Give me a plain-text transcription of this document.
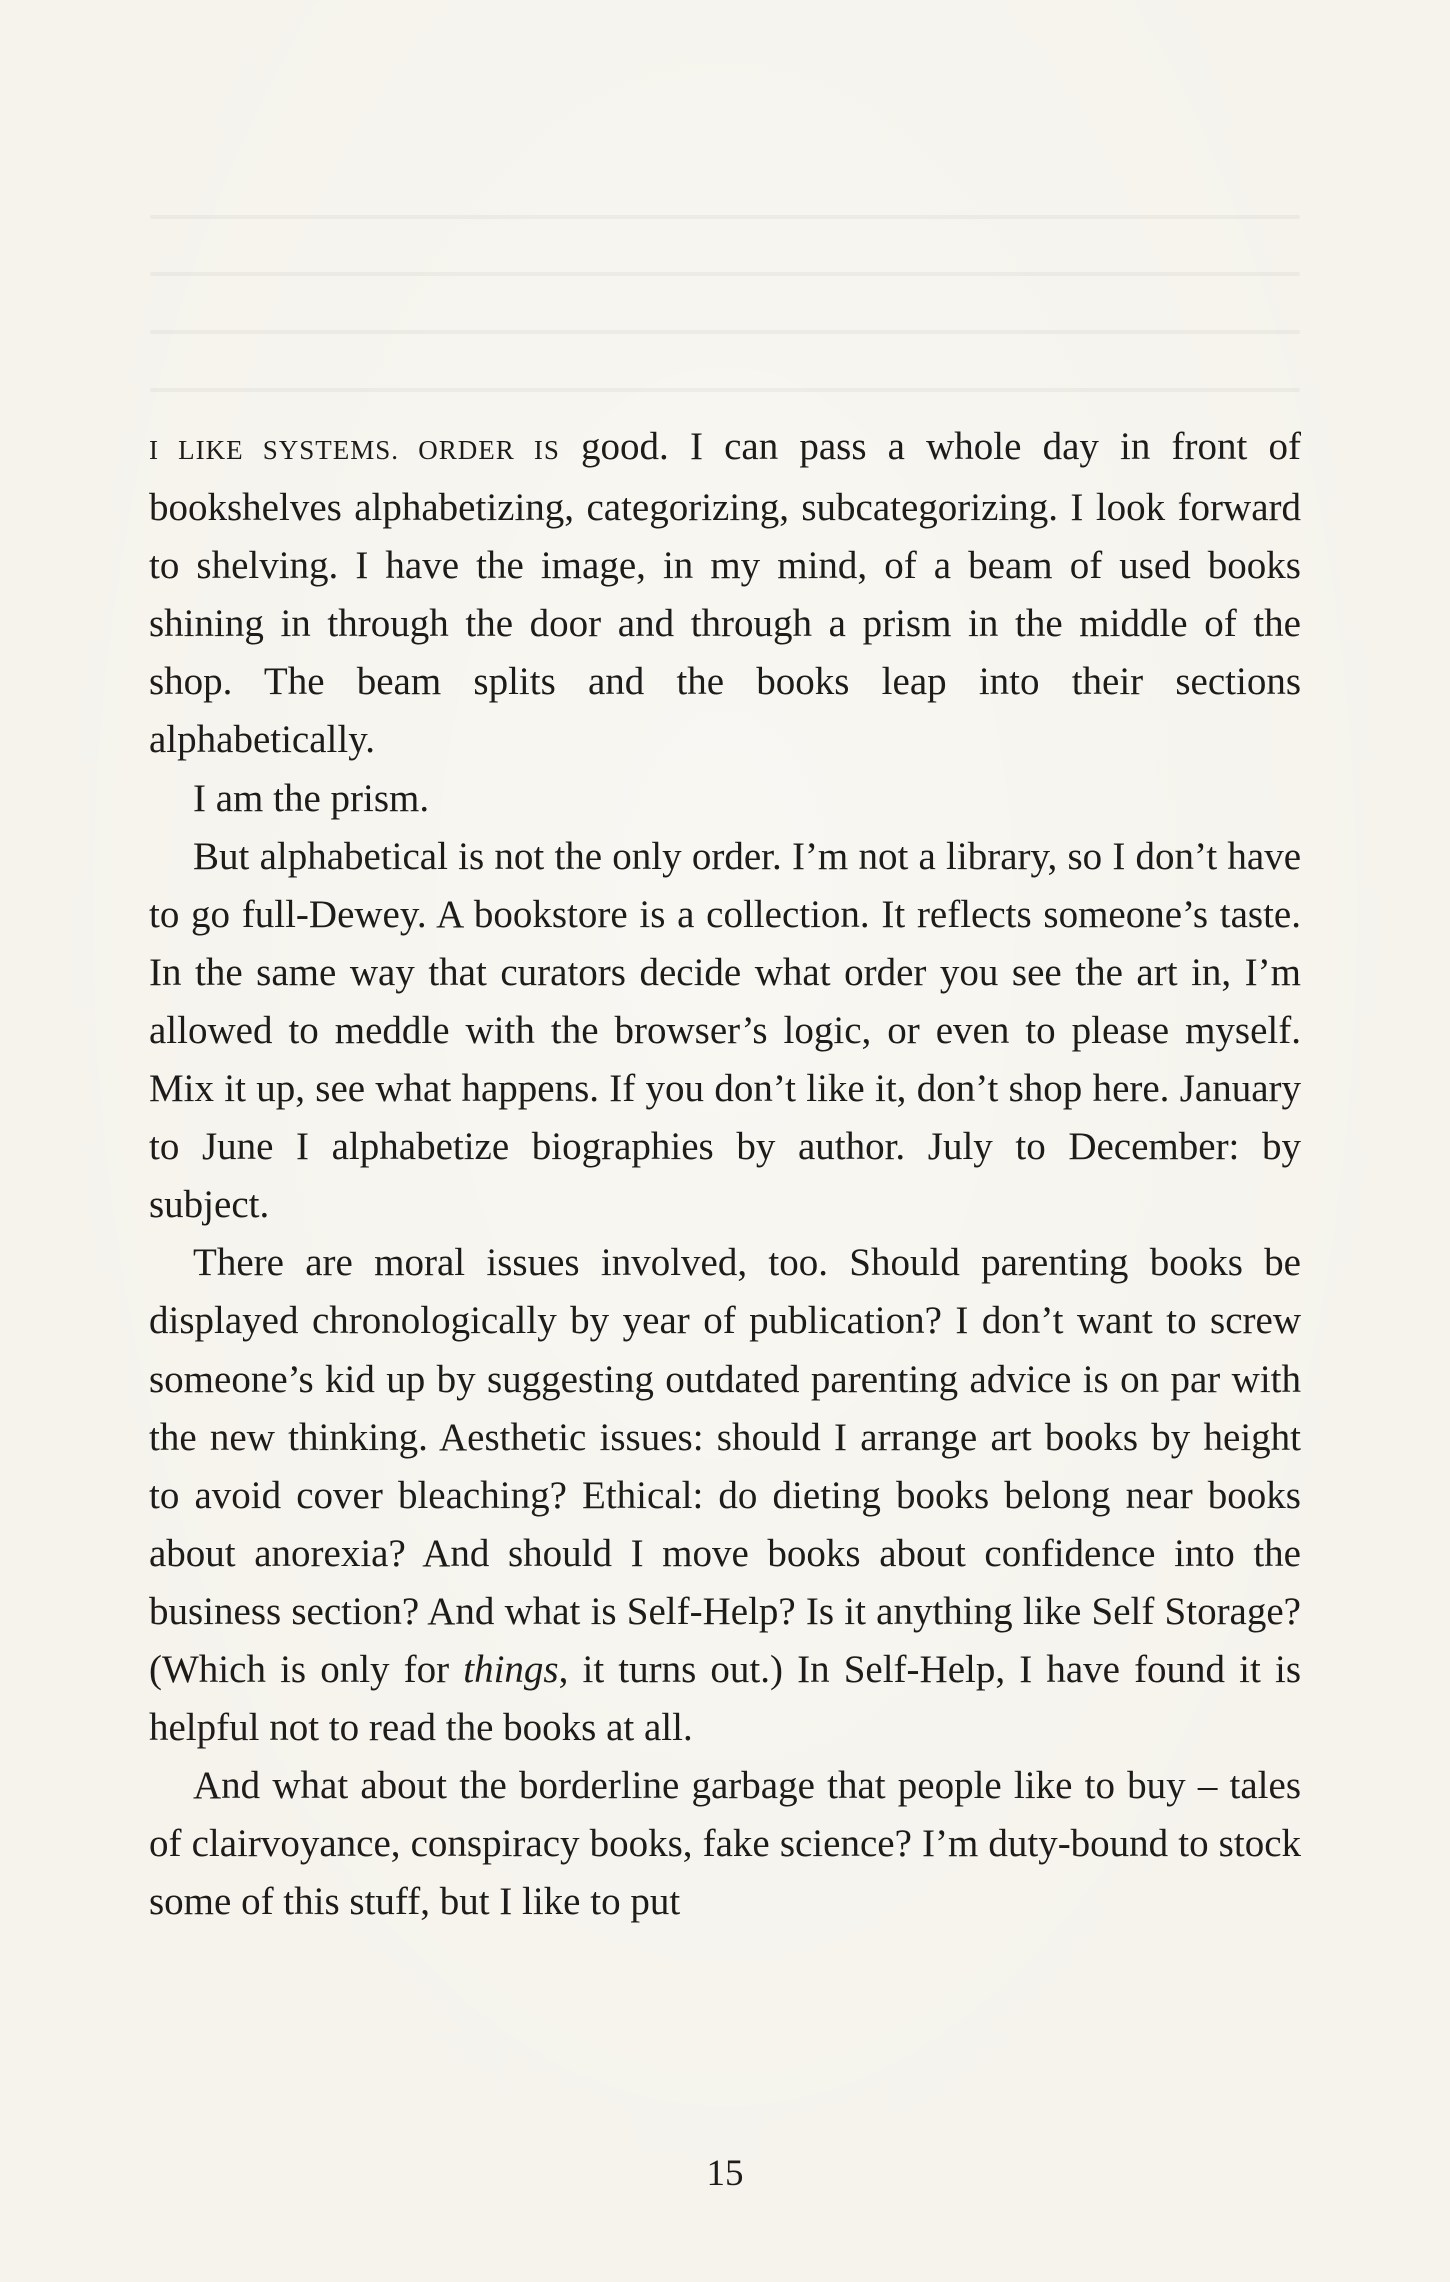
I LIKE SYSTEMS. ORDER IS good. I can pass a whole day in front of bookshelves alphabetizing, categorizing, subcategorizing. I look forward to shelving. I have the image, in my mind, of a beam of used books shining in through the door and through a prism in the middle of the shop. The beam splits and the books leap into their sections alphabetically.

I am the prism.

But alphabetical is not the only order. I’m not a library, so I don’t have to go full-Dewey. A bookstore is a collection. It reflects someone’s taste. In the same way that curators decide what order you see the art in, I’m allowed to meddle with the browser’s logic, or even to please myself. Mix it up, see what happens. If you don’t like it, don’t shop here. January to June I alphabetize biographies by author. July to December: by subject.

There are moral issues involved, too. Should parenting books be displayed chronologically by year of publication? I don’t want to screw someone’s kid up by suggesting outdated parenting advice is on par with the new thinking. Aesthetic issues: should I arrange art books by height to avoid cover bleaching? Ethical: do dieting books belong near books about anorexia? And should I move books about confidence into the business section? And what is Self-Help? Is it anything like Self Storage? (Which is only for things, it turns out.) In Self-Help, I have found it is helpful not to read the books at all.

And what about the borderline garbage that people like to buy – tales of clairvoyance, conspiracy books, fake science? I’m duty-bound to stock some of this stuff, but I like to put

15
